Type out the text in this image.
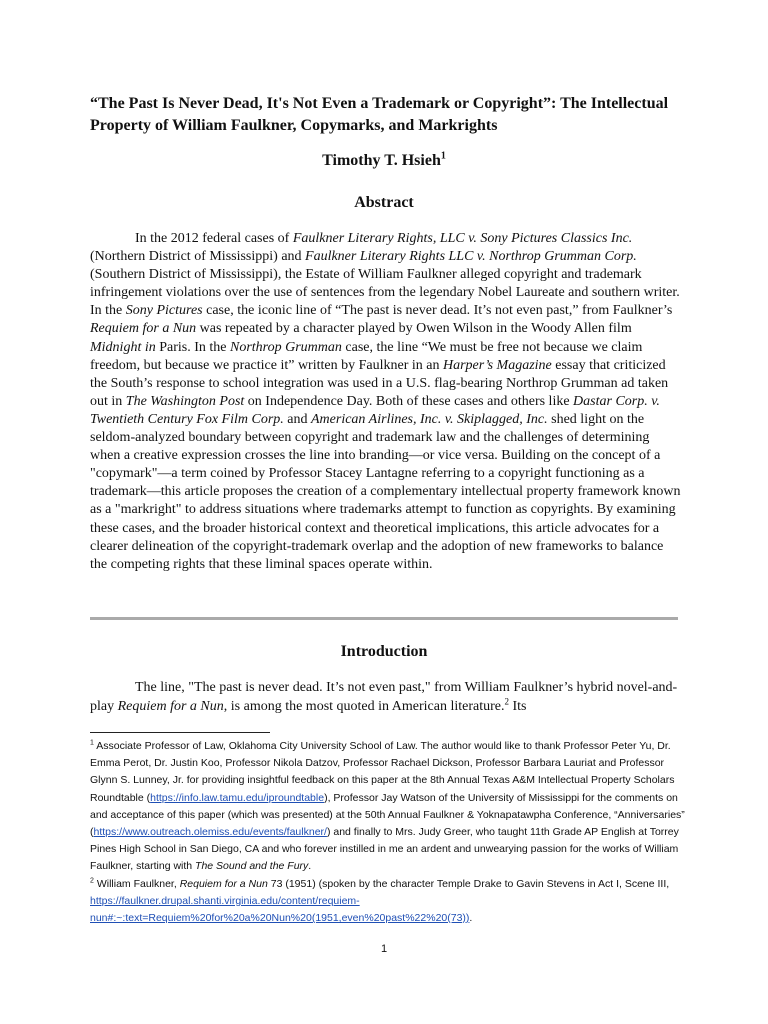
“The Past Is Never Dead, It's Not Even a Trademark or Copyright”: The Intellectual Property of William Faulkner, Copymarks, and Markrights
Timothy T. Hsieh$^1$
Abstract

In the 2012 federal cases of Faulkner Literary Rights, LLC v. Sony Pictures Classics Inc. (Northern District of Mississippi) and Faulkner Literary Rights LLC v. Northrop Grumman Corp. (Southern District of Mississippi), the Estate of William Faulkner alleged copyright and trademark infringement violations over the use of sentences from the legendary Nobel Laureate and southern writer. In the Sony Pictures case, the iconic line of “The past is never dead. It’s not even past,” from Faulkner’s Requiem for a Nun was repeated by a character played by Owen Wilson in the Woody Allen film Midnight in Paris. In the Northrop Grumman case, the line “We must be free not because we claim freedom, but because we practice it” written by Faulkner in an Harper’s Magazine essay that criticized the South’s response to school integration was used in a U.S. flag-bearing Northrop Grumman ad taken out in The Washington Post on Independence Day. Both of these cases and others like Dastar Corp. v. Twentieth Century Fox Film Corp. and American Airlines, Inc. v. Skiplagged, Inc. shed light on the seldom-analyzed boundary between copyright and trademark law and the challenges of determining when a creative expression crosses the line into branding—or vice versa. Building on the concept of a "copymark"—a term coined by Professor Stacey Lantagne referring to a copyright functioning as a trademark—this article proposes the creation of a complementary intellectual property framework known as a "markright" to address situations where trademarks attempt to function as copyrights. By examining these cases, and the broader historical context and theoretical implications, this article advocates for a clearer delineation of the copyright-trademark overlap and the adoption of new frameworks to balance the competing rights that these liminal spaces operate within.

Introduction

The line, "The past is never dead. It’s not even past," from William Faulkner’s hybrid novel-and-play Requiem for a Nun, is among the most quoted in American literature.$^2$ Its

$^1$ Associate Professor of Law, Oklahoma City University School of Law. The author would like to thank Professor Peter Yu, Dr. Emma Perot, Dr. Justin Koo, Professor Nikola Datzov, Professor Rachael Dickson, Professor Barbara Lauriat and Professor Glynn S. Lunney, Jr. for providing insightful feedback on this paper at the 8th Annual Texas A&M Intellectual Property Scholars Roundtable (https://info.law.tamu.edu/iproundtable), Professor Jay Watson of the University of Mississippi for the comments on and acceptance of this paper (which was presented) at the 50th Annual Faulkner & Yoknapatawpha Conference, “Anniversaries” (https://www.outreach.olemiss.edu/events/faulkner/) and finally to Mrs. Judy Greer, who taught 11th Grade AP English at Torrey Pines High School in San Diego, CA and who forever instilled in me an ardent and unwearying passion for the works of William Faulkner, starting with The Sound and the Fury.

$^2$ William Faulkner, Requiem for a Nun 73 (1951) (spoken by the character Temple Drake to Gavin Stevens in Act I, Scene III, https://faulkner.drupal.shanti.virginia.edu/content/requiem-nun#:~:text=Requiem%20for%20a%20Nun%20(1951,even%20past%22%20(73)).

1
